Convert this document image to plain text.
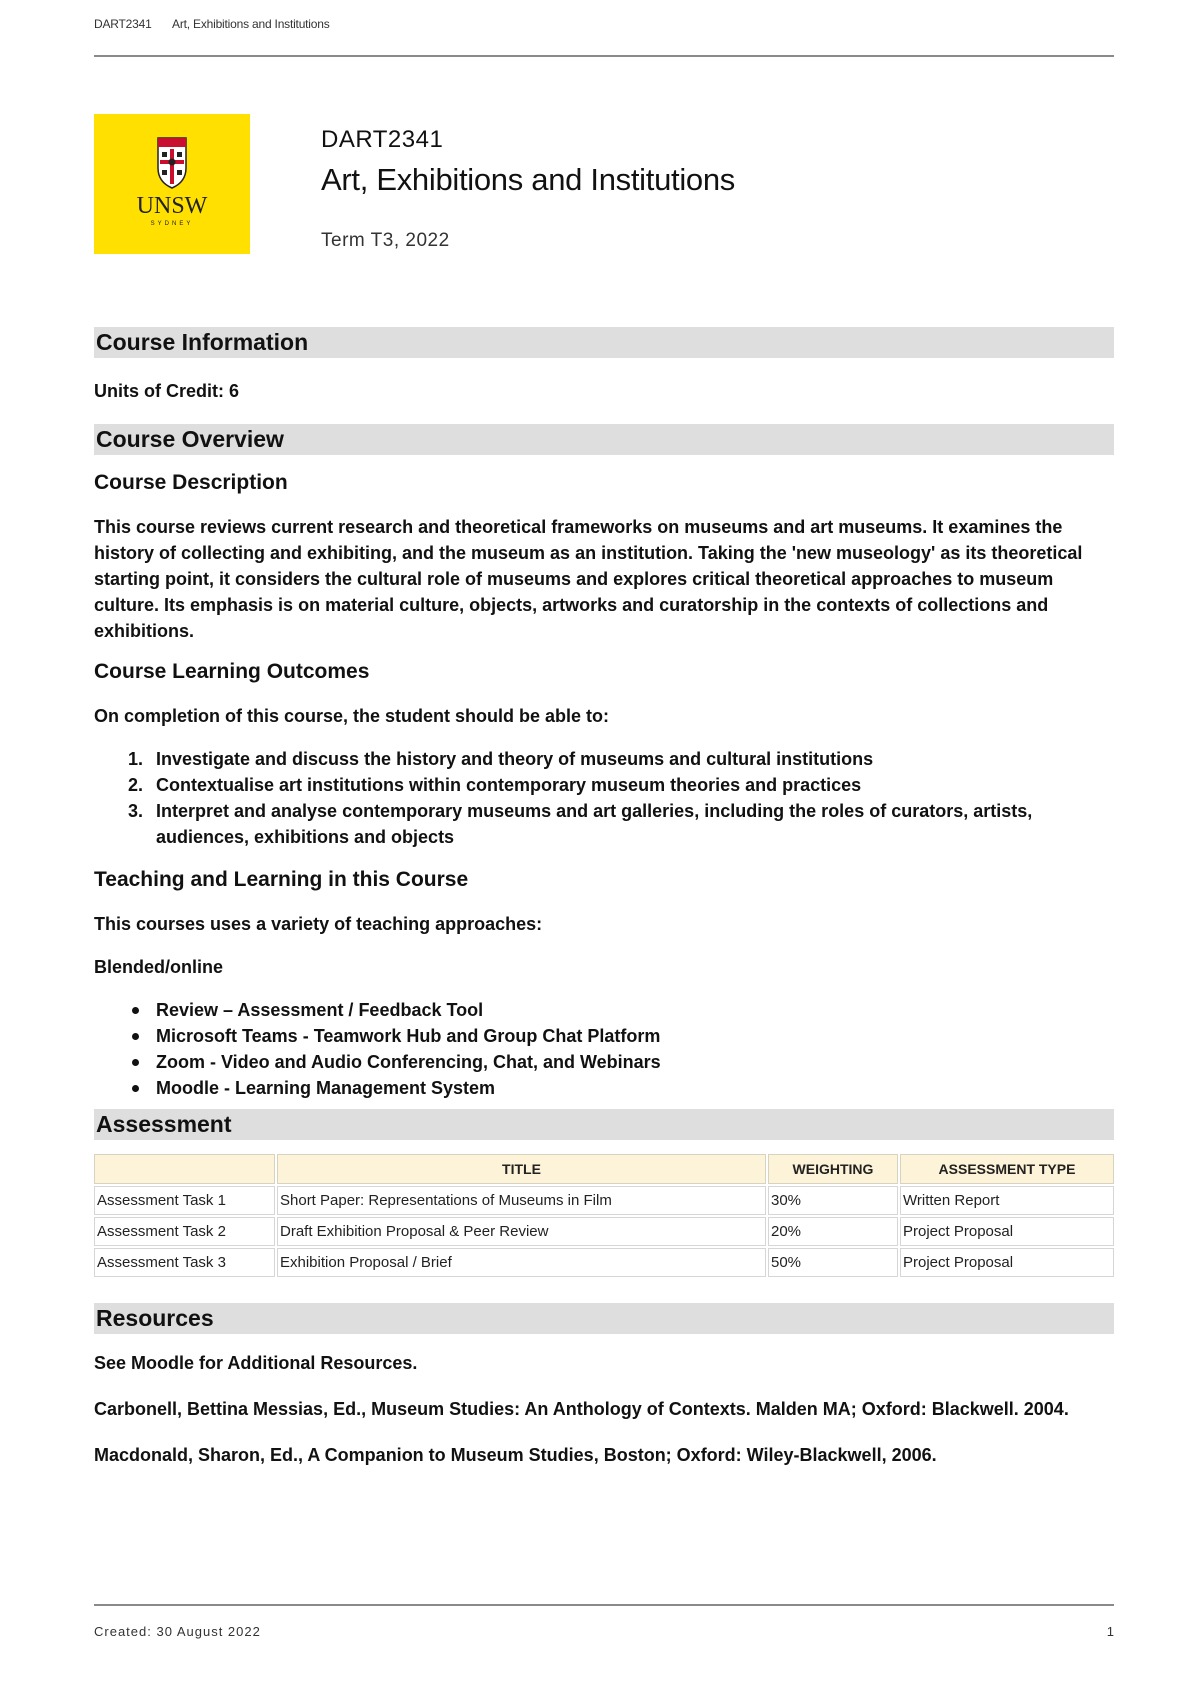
DART2341 Art, Exhibitions and Institutions
UNSW
SYDNEY
DART2341
Art, Exhibitions and Institutions
Term T3, 2022
Course Information

Units of Credit: 6

Course Overview
Course Description

This course reviews current research and theoretical frameworks on museums and art museums. It examines the history of collecting and exhibiting, and the museum as an institution. Taking the 'new museology' as its theoretical starting point, it considers the cultural role of museums and explores critical theoretical approaches to museum culture. Its emphasis is on material culture, objects, artworks and curatorship in the contexts of collections and exhibitions.

Course Learning Outcomes

On completion of this course, the student should be able to:

1. Investigate and discuss the history and theory of museums and cultural institutions
2. Contextualise art institutions within contemporary museum theories and practices
3. Interpret and analyse contemporary museums and art galleries, including the roles of curators, artists, audiences, exhibitions and objects
Teaching and Learning in this Course

This courses uses a variety of teaching approaches:

Blended/online

Review – Assessment / Feedback Tool
Microsoft Teams - Teamwork Hub and Group Chat Platform
Zoom - Video and Audio Conferencing, Chat, and Webinars
Moodle - Learning Management System
Assessment
	TITLE	WEIGHTING	ASSESSMENT TYPE
Assessment Task 1	Short Paper: Representations of Museums in Film	30%	Written Report
Assessment Task 2	Draft Exhibition Proposal & Peer Review	20%	Project Proposal
Assessment Task 3	Exhibition Proposal / Brief	50%	Project Proposal
Resources

See Moodle for Additional Resources.

Carbonell, Bettina Messias, Ed., Museum Studies: An Anthology of Contexts. Malden MA; Oxford: Blackwell. 2004.

Macdonald, Sharon, Ed., A Companion to Museum Studies, Boston; Oxford: Wiley-Blackwell, 2006.

Created: 30 August 2022	1
